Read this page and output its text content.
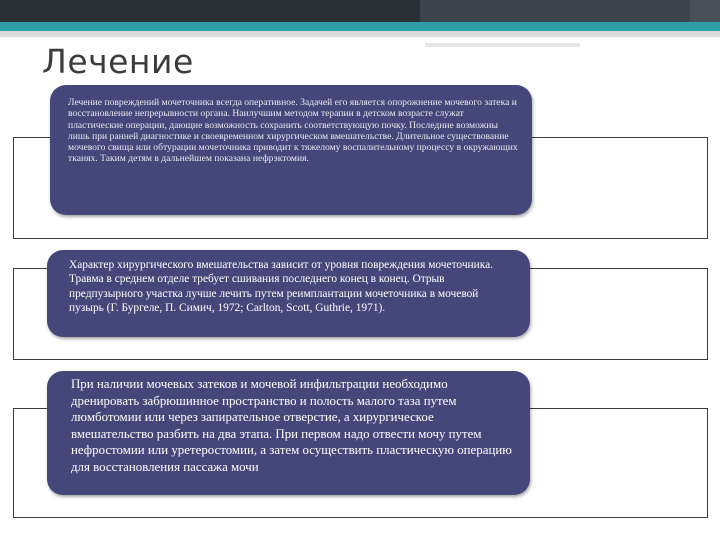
Лечение

Лечение повреждений мочеточника всегда оперативное. Задачей его является опорожнение мочевого затека и восстановление непрерывности органа. Наилучшим методом терапии в детском возрасте служат пластические операции, дающие возможность сохранить соответствующую почку. Последние возможны лишь при ранней диагностике и своевременном хирургическом вмешательстве. Длительное существование мочевого свища или обтурации мочеточника приводит к тяжелому воспалительному процессу в окружающих тканях. Таким детям в дальнейшем показана нефрэктомия.

Характер хирургического вмешательства зависит от уровня повреждения мочеточника. Травма в среднем отделе требует сшивания последнего конец в конец. Отрыв предпузырного участка лучше лечить путем реимплантации мочеточника в мочевой пузырь (Г. Бургеле, П. Симич, 1972; Carlton, Scott, Guthrie, 1971).

При наличии мочевых затеков и мочевой инфильтрации необходимо дренировать забрюшинное пространство и полость малого таза путем люмботомии или через запирательное отверстие, а хирургическое вмешательство разбить на два этапа. При первом надо отвести мочу путем нефростомии или уретеростомии, а затем осуществить пластическую операцию для восстановления пассажа мочи
